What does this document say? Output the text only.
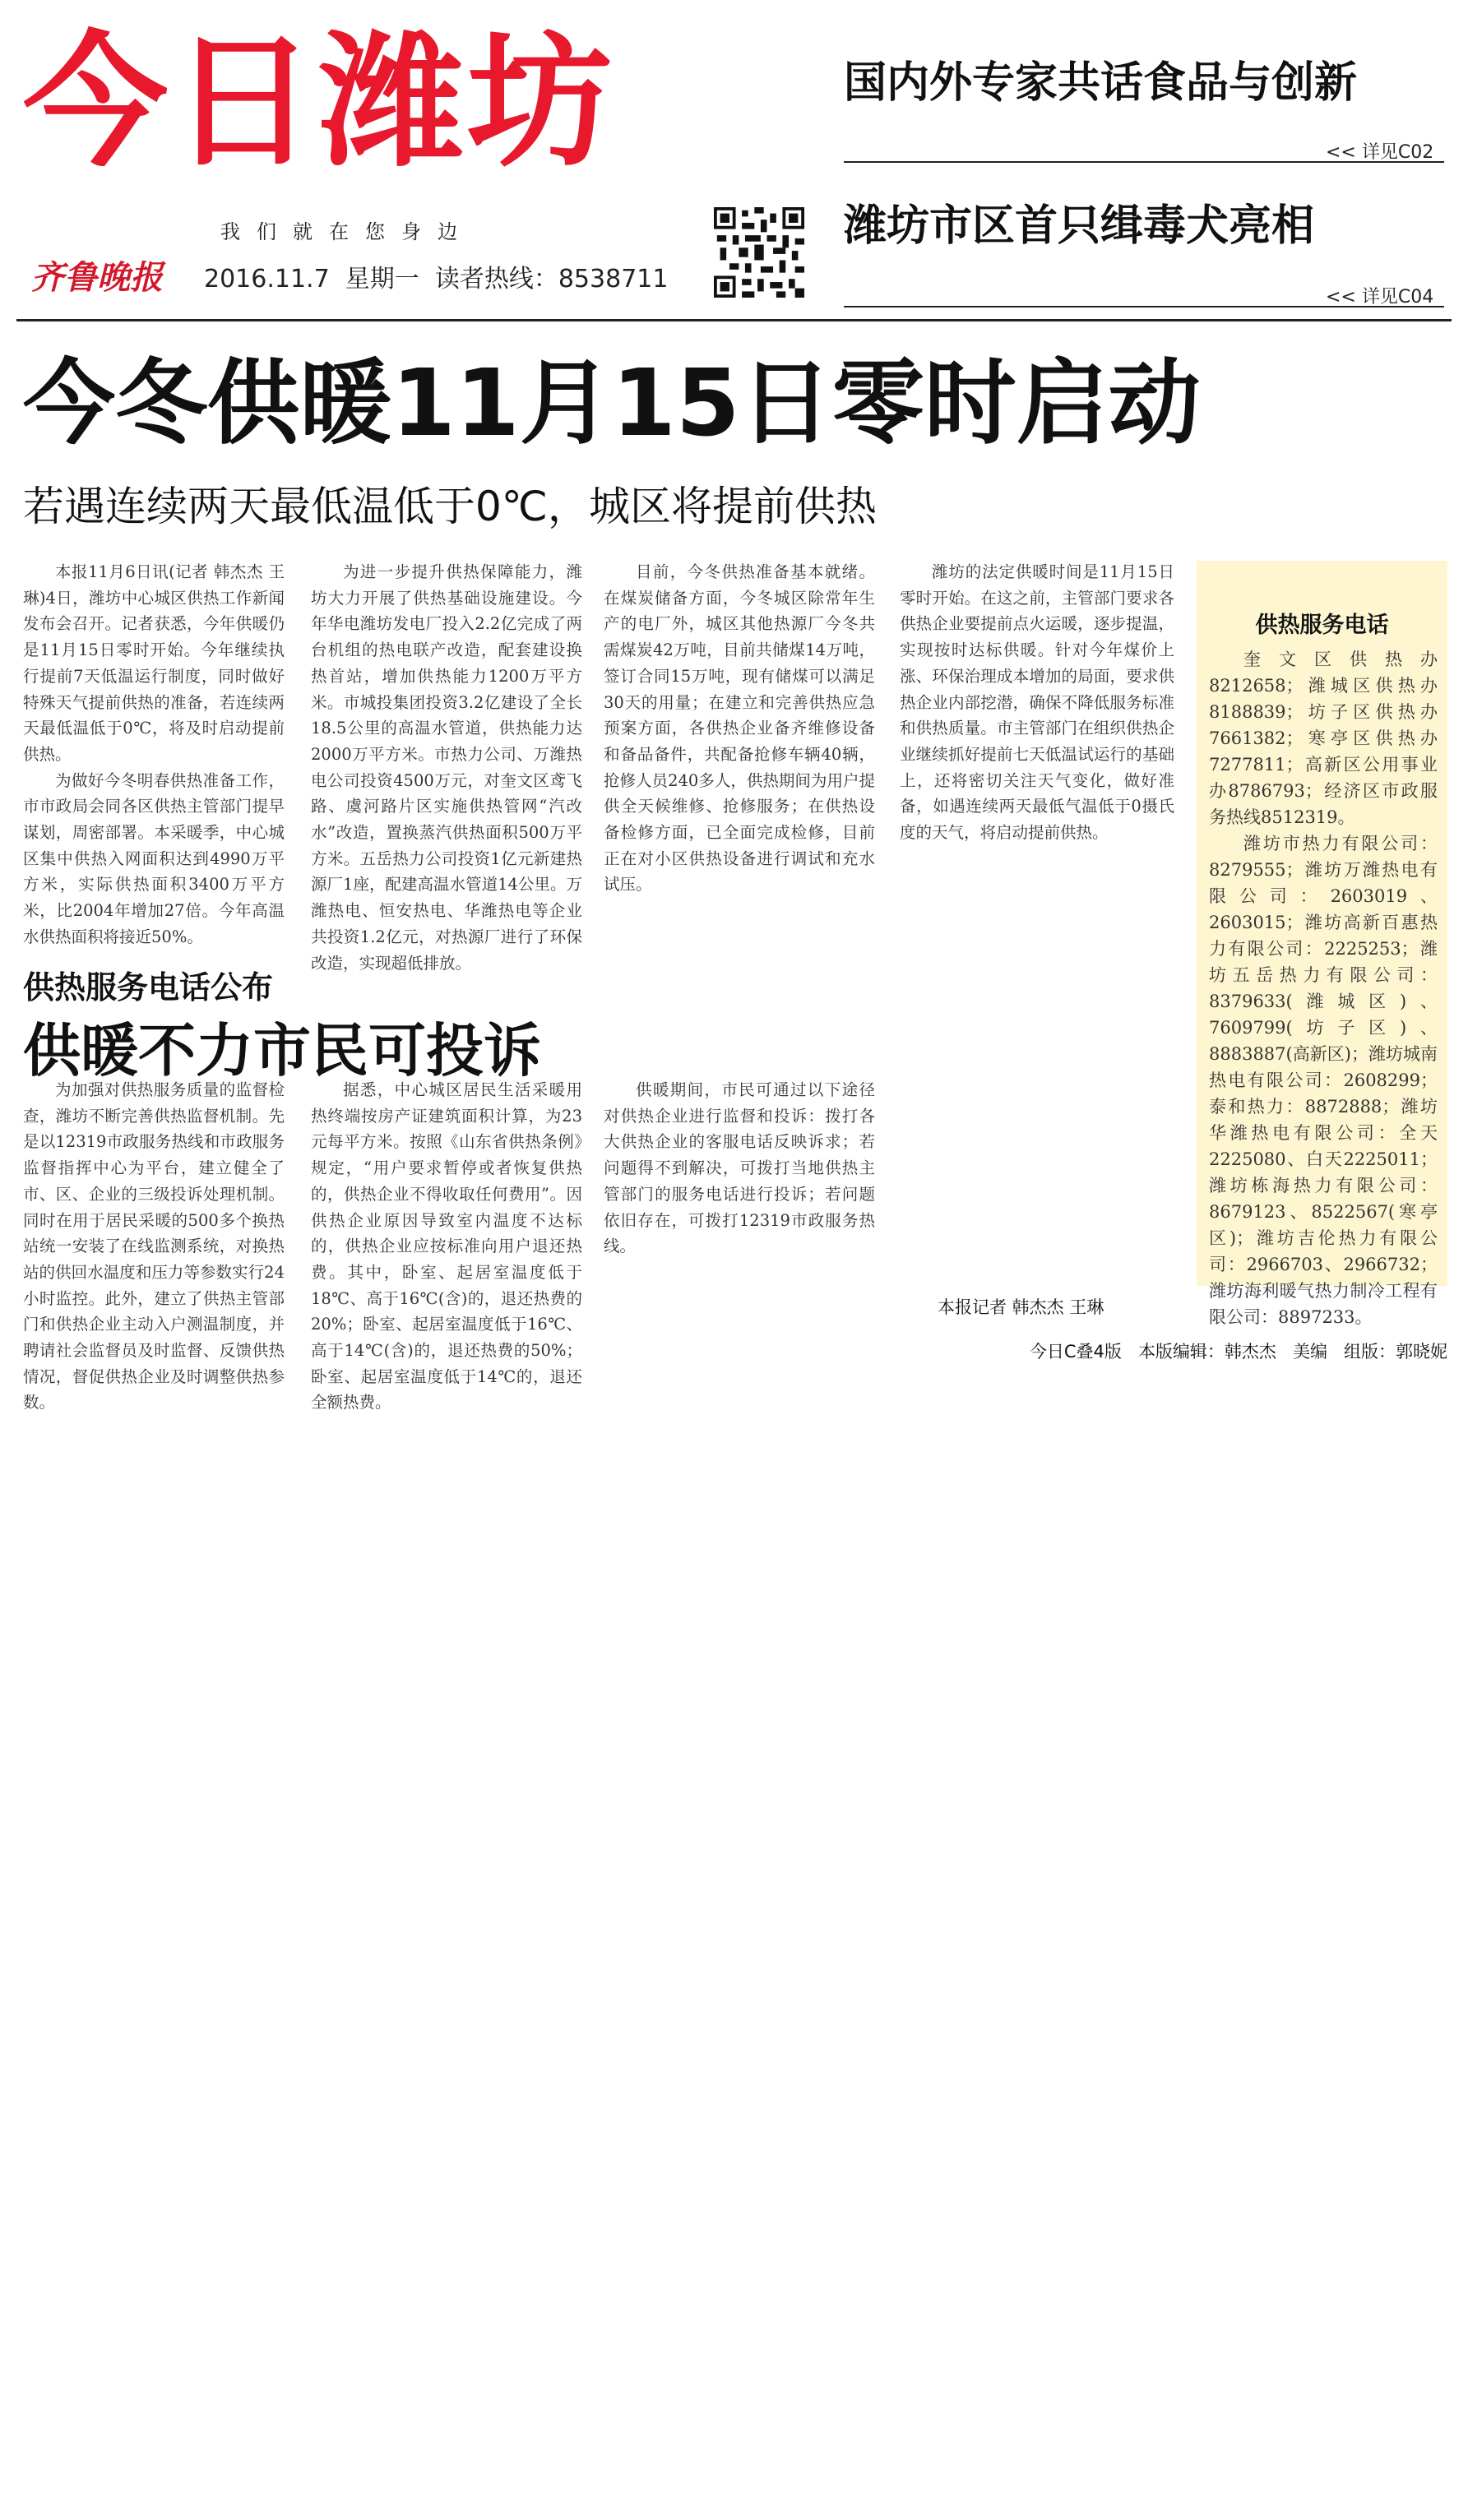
今日潍坊
我们就在您身边
齐鲁晚报 2016.11.7 星期一 读者热线：8538711
国内外专家共话食品与创新
<< 详见C02
潍坊市区首只缉毒犬亮相
<< 详见C04
今冬供暖11月15日零时启动
若遇连续两天最低温低于0℃，城区将提前供热

本报11月6日讯(记者 韩杰杰 王琳)4日，潍坊中心城区供热工作新闻发布会召开。记者获悉，今年供暖仍是11月15日零时开始。今年继续执行提前7天低温运行制度，同时做好特殊天气提前供热的准备，若连续两天最低温低于0℃，将及时启动提前供热。

为做好今冬明春供热准备工作，市市政局会同各区供热主管部门提早谋划，周密部署。本采暖季，中心城区集中供热入网面积达到4990万平方米，实际供热面积3400万平方米，比2004年增加27倍。今年高温水供热面积将接近50%。

为进一步提升供热保障能力，潍坊大力开展了供热基础设施建设。今年华电潍坊发电厂投入2.2亿完成了两台机组的热电联产改造，配套建设换热首站，增加供热能力1200万平方米。市城投集团投资3.2亿建设了全长18.5公里的高温水管道，供热能力达2000万平方米。市热力公司、万潍热电公司投资4500万元，对奎文区鸢飞路、虞河路片区实施供热管网“汽改水”改造，置换蒸汽供热面积500万平方米。五岳热力公司投资1亿元新建热源厂1座，配建高温水管道14公里。万潍热电、恒安热电、华潍热电等企业共投资1.2亿元，对热源厂进行了环保改造，实现超低排放。

目前，今冬供热准备基本就绪。在煤炭储备方面，今冬城区除常年生产的电厂外，城区其他热源厂今冬共需煤炭42万吨，目前共储煤14万吨，签订合同15万吨，现有储煤可以满足30天的用量；在建立和完善供热应急预案方面，各供热企业备齐维修设备和备品备件，共配备抢修车辆40辆，抢修人员240多人，供热期间为用户提供全天候维修、抢修服务；在供热设备检修方面，已全面完成检修，目前正在对小区供热设备进行调试和充水试压。

潍坊的法定供暖时间是11月15日零时开始。在这之前，主管部门要求各供热企业要提前点火运暖，逐步提温，实现按时达标供暖。针对今年煤价上涨、环保治理成本增加的局面，要求供热企业内部挖潜，确保不降低服务标准和供热质量。市主管部门在组织供热企业继续抓好提前七天低温试运行的基础上，还将密切关注天气变化，做好准备，如遇连续两天最低气温低于0摄氏度的天气，将启动提前供热。

供热服务电话公布
供暖不力市民可投诉

为加强对供热服务质量的监督检查，潍坊不断完善供热监督机制。先是以12319市政服务热线和市政服务监督指挥中心为平台，建立健全了市、区、企业的三级投诉处理机制。同时在用于居民采暖的500多个换热站统一安装了在线监测系统，对换热站的供回水温度和压力等参数实行24小时监控。此外，建立了供热主管部门和供热企业主动入户测温制度，并聘请社会监督员及时监督、反馈供热情况，督促供热企业及时调整供热参数。

据悉，中心城区居民生活采暖用热终端按房产证建筑面积计算，为23元每平方米。按照《山东省供热条例》规定，“用户要求暂停或者恢复供热的，供热企业不得收取任何费用”。因供热企业原因导致室内温度不达标的，供热企业应按标准向用户退还热费。其中，卧室、起居室温度低于18℃、高于16℃(含)的，退还热费的20%；卧室、起居室温度低于16℃、高于14℃(含)的，退还热费的50%；卧室、起居室温度低于14℃的，退还全额热费。

供暖期间，市民可通过以下途径对供热企业进行监督和投诉：拨打各大供热企业的客服电话反映诉求；若问题得不到解决，可拨打当地供热主管部门的服务电话进行投诉；若问题依旧存在，可拨打12319市政服务热线。

本报记者 韩杰杰 王琳
供热服务电话

奎文区供热办8212658；潍城区供热办8188839；坊子区供热办7661382；寒亭区供热办7277811；高新区公用事业办8786793；经济区市政服务热线8512319。

潍坊市热力有限公司：8279555；潍坊万潍热电有限公司：2603019、2603015；潍坊高新百惠热力有限公司：2225253；潍坊五岳热力有限公司：8379633(潍城区)、7609799(坊子区)、8883887(高新区)；潍坊城南热电有限公司：2608299；泰和热力：8872888；潍坊华潍热电有限公司：全天2225080、白天2225011；潍坊栋海热力有限公司：8679123、8522567(寒亭区)；潍坊吉伦热力有限公司：2966703、2966732；潍坊海利暖气热力制冷工程有限公司：8897233。

今日C叠4版 本版编辑：韩杰杰 美编 组版：郭晓妮
